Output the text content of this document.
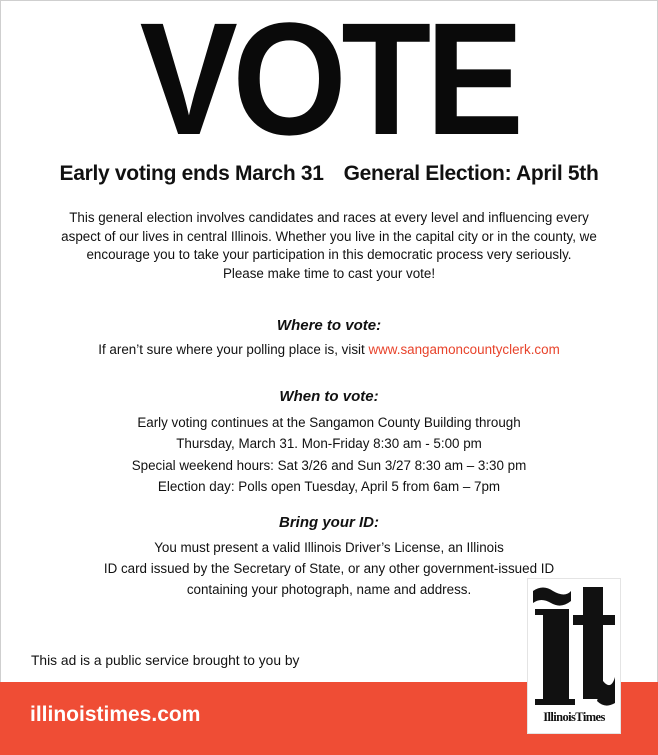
VOTE
Early voting ends March 31 General Election: April 5th
This general election involves candidates and races at every level and influencing every
aspect of our lives in central Illinois. Whether you live in the capital city or in the county, we
encourage you to take your participation in this democratic process very seriously.
Please make time to cast your vote!
Where to vote:
If aren’t sure where your polling place is, visit www.sangamoncountyclerk.com
When to vote:
Early voting continues at the Sangamon County Building through
Thursday, March 31. Mon-Friday 8:30 am - 5:00 pm
Special weekend hours: Sat 3/26 and Sun 3/27 8:30 am – 3:30 pm
Election day: Polls open Tuesday, April 5 from 6am – 7pm
Bring your ID:
You must present a valid Illinois Driver’s License, an Illinois
ID card issued by the Secretary of State, or any other government-issued ID
containing your photograph, name and address.
This ad is a public service brought to you by
illinoistimes.com	IllinoisTimes
